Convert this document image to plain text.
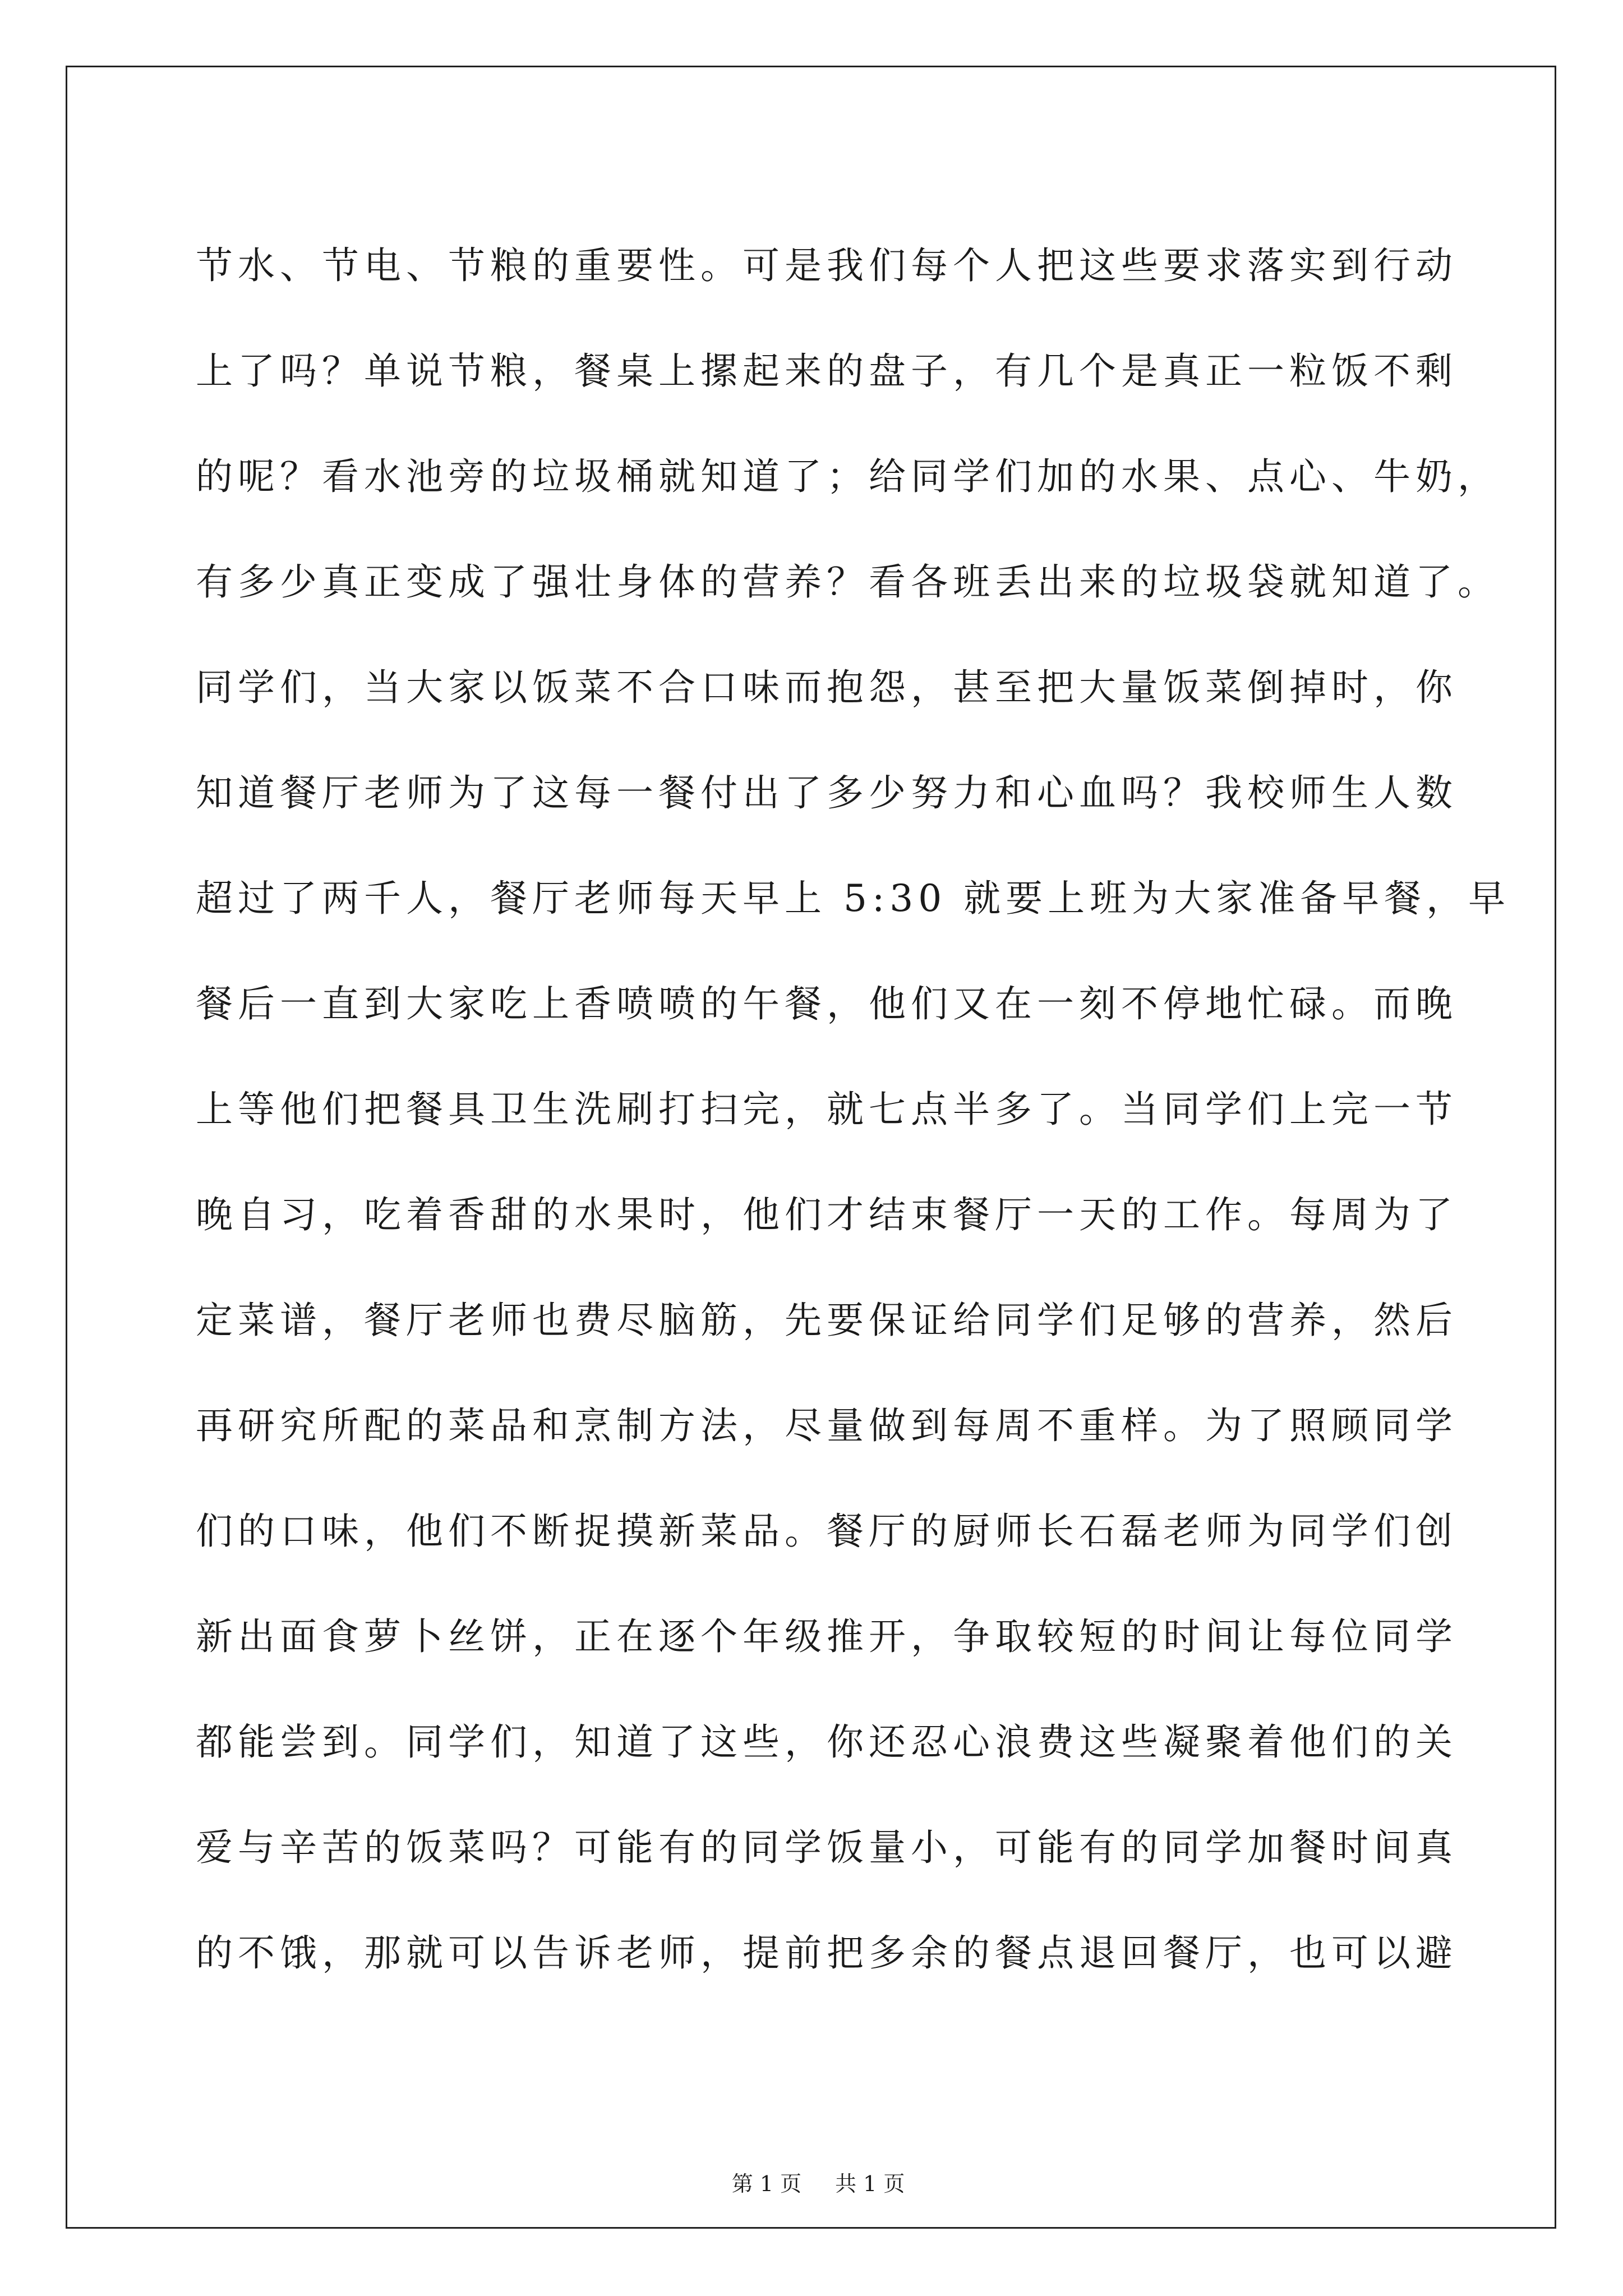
节水、节电、节粮的重要性。可是我们每个人把这些要求落实到行动
上了吗？单说节粮，餐桌上摞起来的盘子，有几个是真正一粒饭不剩
的呢？看水池旁的垃圾桶就知道了；给同学们加的水果、点心、牛奶，
有多少真正变成了强壮身体的营养？看各班丢出来的垃圾袋就知道了。
同学们，当大家以饭菜不合口味而抱怨，甚至把大量饭菜倒掉时，你
知道餐厅老师为了这每一餐付出了多少努力和心血吗？我校师生人数
超过了两千人，餐厅老师每天早上 5:30 就要上班为大家准备早餐，早
餐后一直到大家吃上香喷喷的午餐，他们又在一刻不停地忙碌。而晚
上等他们把餐具卫生洗刷打扫完，就七点半多了。当同学们上完一节
晚自习，吃着香甜的水果时，他们才结束餐厅一天的工作。每周为了
定菜谱，餐厅老师也费尽脑筋，先要保证给同学们足够的营养，然后
再研究所配的菜品和烹制方法，尽量做到每周不重样。为了照顾同学
们的口味，他们不断捉摸新菜品。餐厅的厨师长石磊老师为同学们创
新出面食萝卜丝饼，正在逐个年级推开，争取较短的时间让每位同学
都能尝到。同学们，知道了这些，你还忍心浪费这些凝聚着他们的关
爱与辛苦的饭菜吗？可能有的同学饭量小，可能有的同学加餐时间真
的不饿，那就可以告诉老师，提前把多余的餐点退回餐厅，也可以避

第 1 页 共 1 页
